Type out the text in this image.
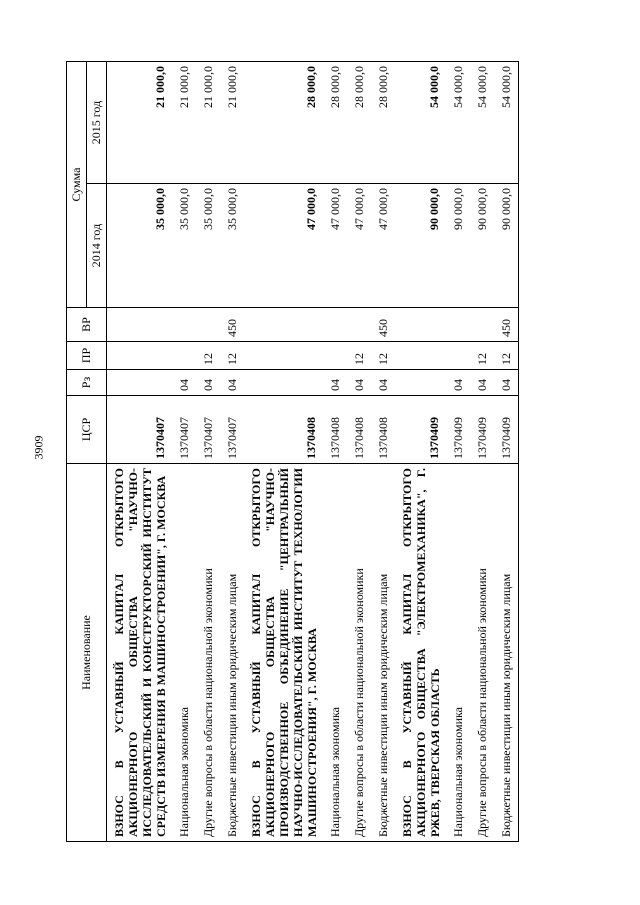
3909
Наименование	ЦСР	Рз	ПР	ВР	Сумма	
					2014 год	2015 год
ВЗНОС В УСТАВНЫЙ КАПИТАЛ ОТКРЫТОГО АКЦИОНЕРНОГО ОБЩЕСТВА "НАУЧНО-ИССЛЕДОВАТЕЛЬСКИЙ И КОНСТРУКТОРСКИЙ ИНСТИТУТ СРЕДСТВ ИЗМЕРЕНИЯ В МАШИНОСТРОЕНИИ", Г. МОСКВА	1370407				35 000,0	21 000,0
Национальная экономика	1370407	04			35 000,0	21 000,0
Другие вопросы в области национальной экономики	1370407	04	12		35 000,0	21 000,0
Бюджетные инвестиции иным юридическим лицам	1370407	04	12	450	35 000,0	21 000,0
ВЗНОС В УСТАВНЫЙ КАПИТАЛ ОТКРЫТОГО АКЦИОНЕРНОГО ОБЩЕСТВА "НАУЧНО-ПРОИЗВОДСТВЕННОЕ ОБЪЕДИНЕНИЕ "ЦЕНТРАЛЬНЫЙ НАУЧНО-ИССЛЕДОВАТЕЛЬСКИЙ ИНСТИТУТ ТЕХНОЛОГИИ МАШИНОСТРОЕНИЯ", Г. МОСКВА	1370408				47 000,0	28 000,0
Национальная экономика	1370408	04			47 000,0	28 000,0
Другие вопросы в области национальной экономики	1370408	04	12		47 000,0	28 000,0
Бюджетные инвестиции иным юридическим лицам	1370408	04	12	450	47 000,0	28 000,0
ВЗНОС В УСТАВНЫЙ КАПИТАЛ ОТКРЫТОГО АКЦИОНЕРНОГО ОБЩЕСТВА "ЭЛЕКТРОМЕХАНИКА", Г. РЖЕВ, ТВЕРСКАЯ ОБЛАСТЬ	1370409				90 000,0	54 000,0
Национальная экономика	1370409	04			90 000,0	54 000,0
Другие вопросы в области национальной экономики	1370409	04	12		90 000,0	54 000,0
Бюджетные инвестиции иным юридическим лицам	1370409	04	12	450	90 000,0	54 000,0
